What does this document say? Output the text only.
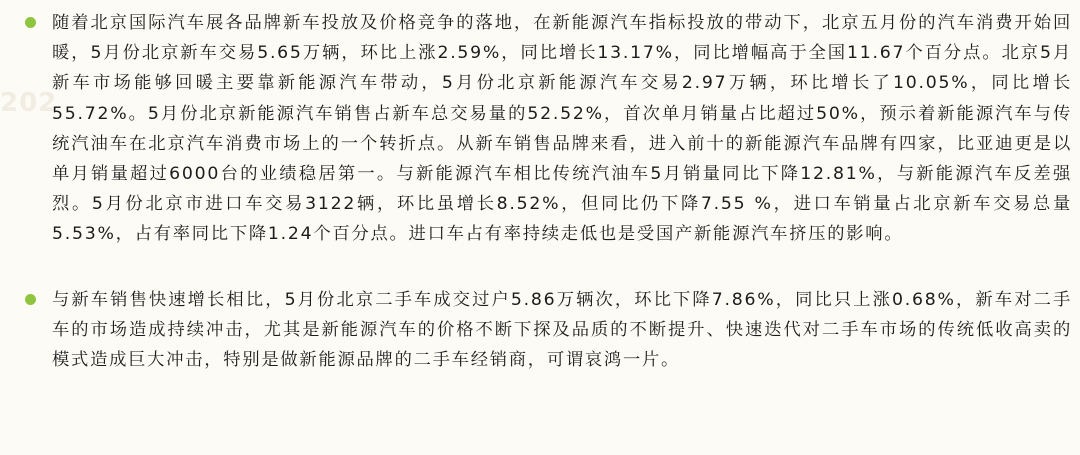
202
随着北京国际汽车展各品牌新车投放及价格竞争的落地，在新能源汽车指标投放的带动下，北京五月份的汽车消费开始回暖，5月份北京新车交易5.65万辆，环比上涨2.59%，同比增长13.17%，同比增幅高于全国11.67个百分点。北京5月新车市场能够回暖主要靠新能源汽车带动，5月份北京新能源汽车交易2.97万辆，环比增长了10.05%，同比增长55.72%。5月份北京新能源汽车销售占新车总交易量的52.52%，首次单月销量占比超过50%，预示着新能源汽车与传统汽油车在北京汽车消费市场上的一个转折点。从新车销售品牌来看，进入前十的新能源汽车品牌有四家，比亚迪更是以单月销量超过6000台的业绩稳居第一。与新能源汽车相比传统汽油车5月销量同比下降12.81%，与新能源汽车反差强烈。5月份北京市进口车交易3122辆，环比虽增长8.52%，但同比仍下降7.55 %，进口车销量占北京新车交易总量5.53%，占有率同比下降1.24个百分点。进口车占有率持续走低也是受国产新能源汽车挤压的影响。
与新车销售快速增长相比，5月份北京二手车成交过户5.86万辆次，环比下降7.86%，同比只上涨0.68%，新车对二手车的市场造成持续冲击，尤其是新能源汽车的价格不断下探及品质的不断提升、快速迭代对二手车市场的传统低收高卖的模式造成巨大冲击，特别是做新能源品牌的二手车经销商，可谓哀鸿一片。
